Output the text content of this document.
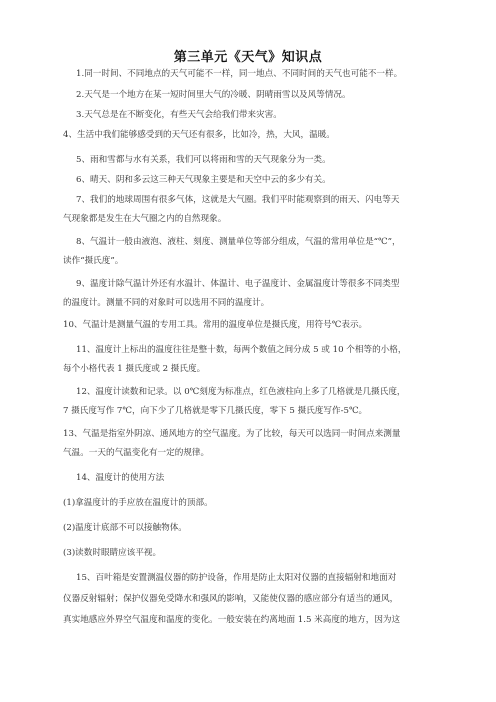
第三单元《天气》知识点
1.同一时间、不同地点的天气可能不一样，同一地点、不同时间的天气也可能不一样。
2.天气是一个地方在某一短时间里大气的冷暖、阴晴雨雪以及风等情况。
3.天气总是在不断变化，有些天气会给我们带来灾害。
4、生活中我们能够感受到的天气还有很多，比如冷，热，大风，温暖。
5、雨和雪都与水有关系，我们可以将雨和雪的天气现象分为一类。
6、晴天、阴和多云这三种天气现象主要是和天空中云的多少有关。
7、我们的地球周围有很多气体，这就是大气圈。我们平时能观察到的雨天、闪电等天
气现象都是发生在大气圈之内的自然现象。
8、气温计一般由液泡、液柱、刻度、测量单位等部分组成，气温的常用单位是“℃”，
读作“摄氏度”。
9、温度计除气温计外还有水温计、体温计、电子温度计、金属温度计等很多不同类型
的温度计。测量不同的对象时可以选用不同的温度计。
10、气温计是测量气温的专用工具。常用的温度单位是摄氏度，用符号℃表示。
11、温度计上标出的温度往往是整十数，每两个数值之间分成 5 或 10 个相等的小格，
每个小格代表 1 摄氏度或 2 摄氏度。
12、温度计读数和记录。以 0℃刻度为标准点，红色液柱向上多了几格就是几摄氏度，
7 摄氏度写作 7℃，向下少了几格就是零下几摄氏度，零下 5 摄氏度写作-5℃。
13、气温是指室外阴凉、通风地方的空气温度。为了比较，每天可以选同一时间点来测量
气温。一天的气温变化有一定的规律。
14、温度计的使用方法
(1)拿温度计的手应放在温度计的顶部。
(2)温度计底部不可以接触物体。
(3)读数时眼睛应该平视。
15、百叶箱是安置测温仪器的防护设备，作用是防止太阳对仪器的直接辐射和地面对
仪器反射辐射；保护仪器免受降水和强风的影响，又能使仪器的感应部分有适当的通风，
真实地感应外界空气温度和温度的变化。一般安装在约离地面 1.5 米高度的地方，因为这
